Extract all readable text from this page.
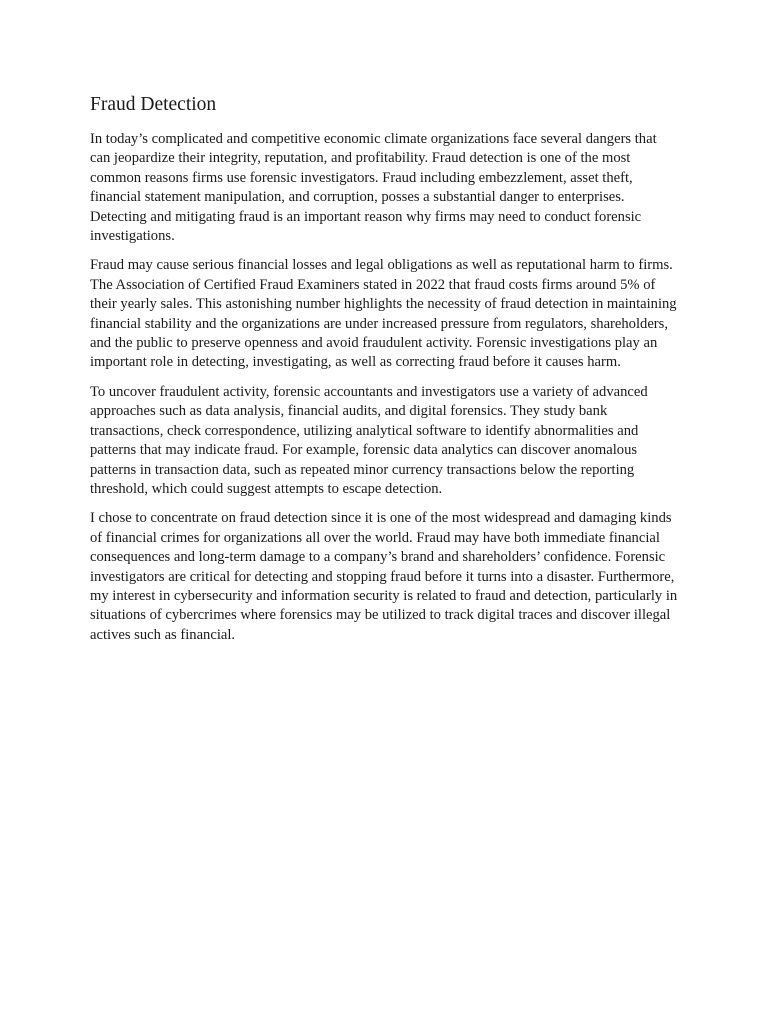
Fraud Detection

In today’s complicated and competitive economic climate organizations face several dangers that can jeopardize their integrity, reputation, and profitability. Fraud detection is one of the most common reasons firms use forensic investigators. Fraud including embezzlement, asset theft, financial statement manipulation, and corruption, posses a substantial danger to enterprises. Detecting and mitigating fraud is an important reason why firms may need to conduct forensic investigations.

Fraud may cause serious financial losses and legal obligations as well as reputational harm to firms. The Association of Certified Fraud Examiners stated in 2022 that fraud costs firms around 5% of their yearly sales. This astonishing number highlights the necessity of fraud detection in maintaining financial stability and the organizations are under increased pressure from regulators, shareholders, and the public to preserve openness and avoid fraudulent activity. Forensic investigations play an important role in detecting, investigating, as well as correcting fraud before it causes harm.

To uncover fraudulent activity, forensic accountants and investigators use a variety of advanced approaches such as data analysis, financial audits, and digital forensics. They study bank transactions, check correspondence, utilizing analytical software to identify abnormalities and patterns that may indicate fraud. For example, forensic data analytics can discover anomalous patterns in transaction data, such as repeated minor currency transactions below the reporting threshold, which could suggest attempts to escape detection.

I chose to concentrate on fraud detection since it is one of the most widespread and damaging kinds of financial crimes for organizations all over the world. Fraud may have both immediate financial consequences and long-term damage to a company’s brand and shareholders’ confidence. Forensic investigators are critical for detecting and stopping fraud before it turns into a disaster. Furthermore, my interest in cybersecurity and information security is related to fraud and detection, particularly in situations of cybercrimes where forensics may be utilized to track digital traces and discover illegal actives such as financial.
